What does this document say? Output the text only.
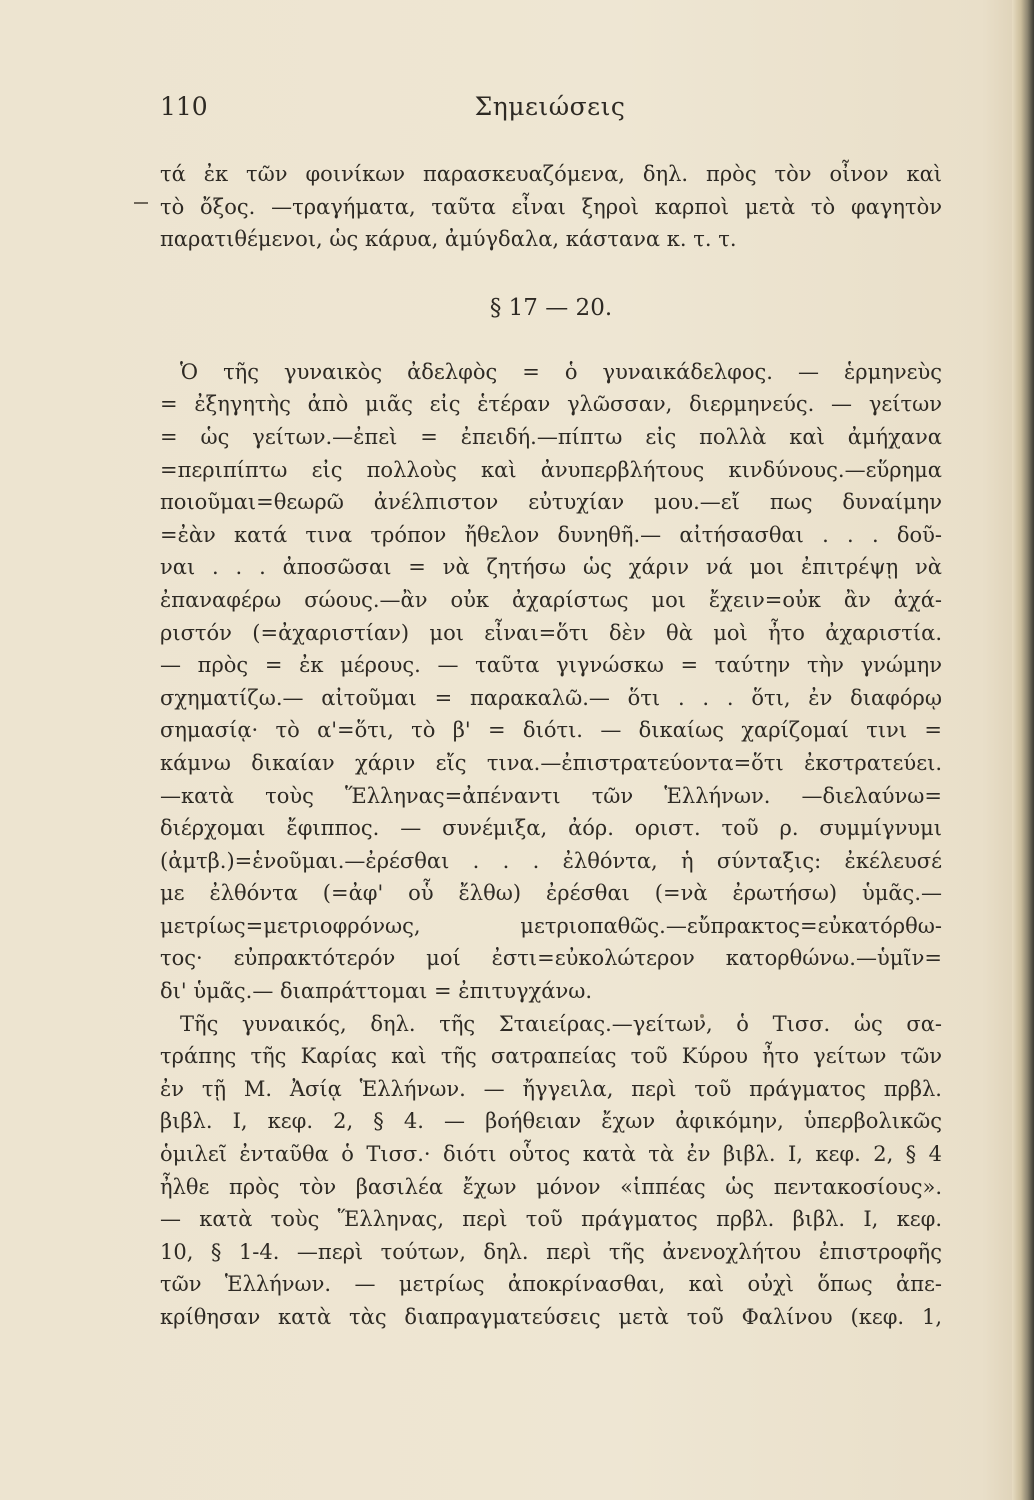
110	Σημειώσεις
τά ἐκ τῶν φοινίκων παρασκευαζόμενα, δηλ. πρὸς τὸν οἶνον καὶ
τὸ ὄξος. —τραγήματα, ταῦτα εἶναι ξηροὶ καρποὶ μετὰ τὸ φαγητὸν
παρατιθέμενοι, ὡς κάρυα, ἀμύγδαλα, κάστανα κ. τ. τ.
§ 17 — 20.
Ὁ τῆς γυναικὸς ἀδελφὸς = ὁ γυναικάδελφος. — ἑρμηνεὺς
= ἐξηγητὴς ἀπὸ μιᾶς εἰς ἑτέραν γλῶσσαν, διερμηνεύς. — γείτων
= ὡς γείτων.—ἐπεὶ = ἐπειδή.—πίπτω εἰς πολλὰ καὶ ἀμήχανα
=περιπίπτω εἰς πολλοὺς καὶ ἀνυπερβλήτους κινδύνους.—εὕρημα
ποιοῦμαι=θεωρῶ ἀνέλπιστον εὐτυχίαν μου.—εἴ πως δυναίμην
=ἐὰν κατά τινα τρόπον ἤθελον δυνηθῆ.— αἰτήσασθαι . . . δοῦ-
ναι . . . ἀποσῶσαι = νὰ ζητήσω ὡς χάριν νά μοι ἐπιτρέψῃ νὰ
ἐπαναφέρω σώους.—ἂν οὐκ ἀχαρίστως μοι ἔχειν=οὐκ ἂν ἀχά-
ριστόν (=ἀχαριστίαν) μοι εἶναι=ὅτι δὲν θὰ μοὶ ἦτο ἀχαριστία.
— πρὸς = ἐκ μέρους. — ταῦτα γιγνώσκω = ταύτην τὴν γνώμην
σχηματίζω.— αἰτοῦμαι = παρακαλῶ.— ὅτι . . . ὅτι, ἐν διαφόρῳ
σημασίᾳ· τὸ α'=ὅτι, τὸ β' = διότι. — δικαίως χαρίζομαί τινι =
κάμνω δικαίαν χάριν εἴς τινα.—ἐπιστρατεύοντα=ὅτι ἐκστρατεύει.
—κατὰ τοὺς Ἕλληνας=ἀπέναντι τῶν Ἑλλήνων. —διελαύνω=
διέρχομαι ἔφιππος. — συνέμιξα, ἀόρ. οριστ. τοῦ ρ. συμμίγνυμι
(ἀμτβ.)=ἑνοῦμαι.—ἐρέσθαι . . . ἐλθόντα, ἡ σύνταξις: ἐκέλευσέ
με ἐλθόντα (=ἀφ' οὗ ἔλθω) ἐρέσθαι (=νὰ ἐρωτήσω) ὑμᾶς.—
μετρίως=μετριοφρόνως, μετριοπαθῶς.—εὔπρακτος=εὐκατόρθω-
τος· εὐπρακτότερόν μοί ἐστι=εὐκολώτερον κατορθώνω.—ὑμῖν=
δι' ὑμᾶς.— διαπράττομαι = ἐπιτυγχάνω.
Τῆς γυναικός, δηλ. τῆς Σταιείρας.—γείτων, ὁ Τισσ. ὡς σα-
τράπης τῆς Καρίας καὶ τῆς σατραπείας τοῦ Κύρου ἦτο γείτων τῶν
ἐν τῇ Μ. Ἀσίᾳ Ἑλλήνων. — ἤγγειλα, περὶ τοῦ πράγματος πρβλ.
βιβλ. Ι, κεφ. 2, § 4. — βοήθειαν ἔχων ἀφικόμην, ὑπερβολικῶς
ὁμιλεῖ ἐνταῦθα ὁ Τισσ.· διότι οὗτος κατὰ τὰ ἐν βιβλ. Ι, κεφ. 2, § 4
ἦλθε πρὸς τὸν βασιλέα ἔχων μόνον «ἱππέας ὡς πεντακοσίους».
— κατὰ τοὺς Ἕλληνας, περὶ τοῦ πράγματος πρβλ. βιβλ. Ι, κεφ.
10, § 1-4. —περὶ τούτων, δηλ. περὶ τῆς ἀνενοχλήτου ἐπιστροφῆς
τῶν Ἑλλήνων. — μετρίως ἀποκρίνασθαι, καὶ οὐχὶ ὅπως ἀπε-
κρίθησαν κατὰ τὰς διαπραγματεύσεις μετὰ τοῦ Φαλίνου (κεφ. 1,
